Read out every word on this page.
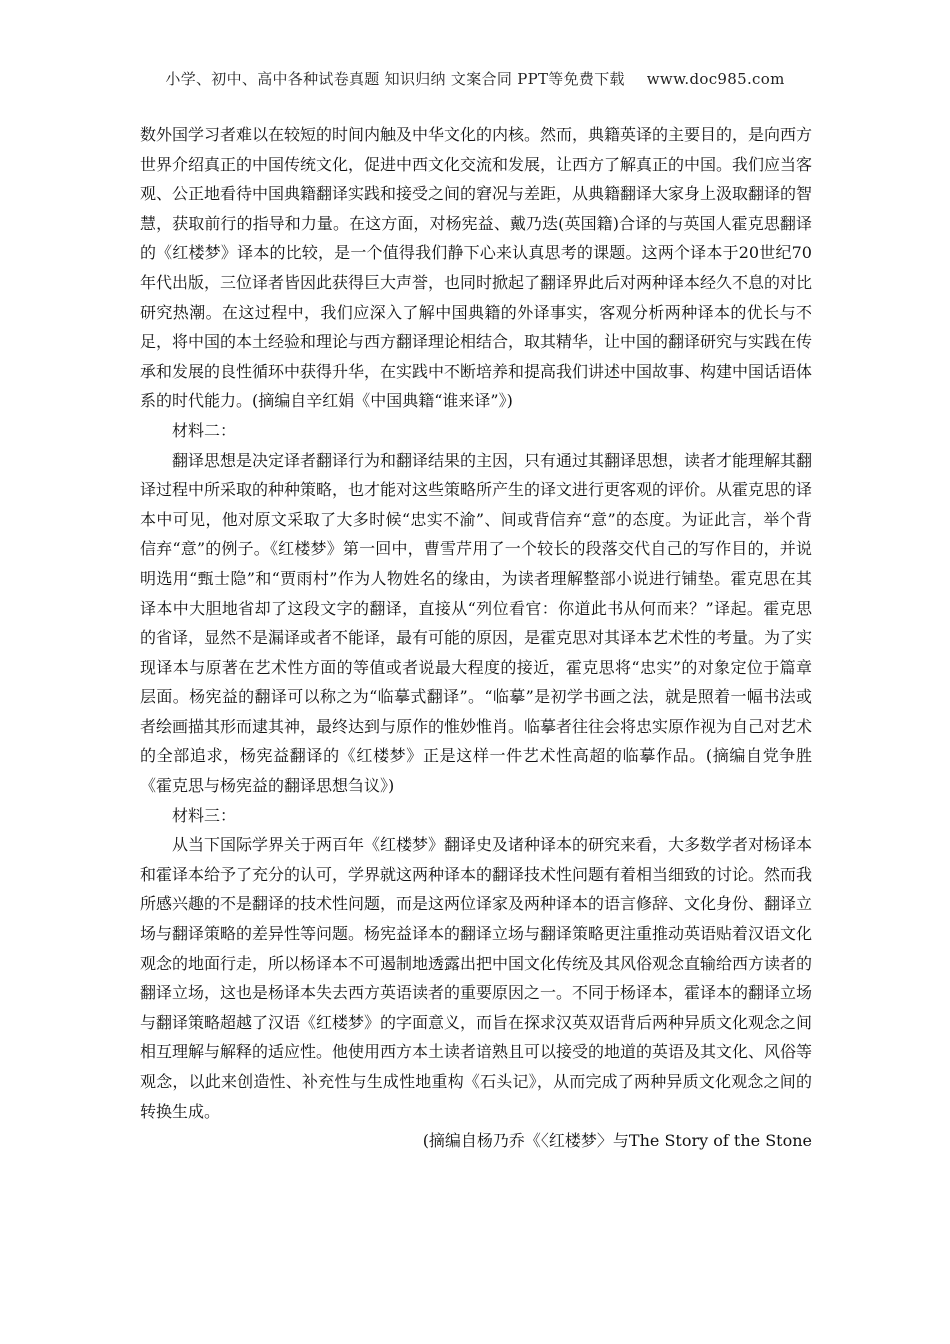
小学、初中、高中各种试卷真题 知识归纳 文案合同 PPT等免费下载 www.doc985.com

数外国学习者难以在较短的时间内触及中华文化的内核。然而，典籍英译的主要目的，是向西方世界介绍真正的中国传统文化，促进中西文化交流和发展，让西方了解真正的中国。我们应当客观、公正地看待中国典籍翻译实践和接受之间的窘况与差距，从典籍翻译大家身上汲取翻译的智慧，获取前行的指导和力量。在这方面，对杨宪益、戴乃迭(英国籍)合译的与英国人霍克思翻译的《红楼梦》译本的比较，是一个值得我们静下心来认真思考的课题。这两个译本于20世纪70年代出版，三位译者皆因此获得巨大声誉，也同时掀起了翻译界此后对两种译本经久不息的对比研究热潮。在这过程中，我们应深入了解中国典籍的外译事实，客观分析两种译本的优长与不足，将中国的本土经验和理论与西方翻译理论相结合，取其精华，让中国的翻译研究与实践在传承和发展的良性循环中获得升华，在实践中不断培养和提高我们讲述中国故事、构建中国话语体系的时代能力。(摘编自辛红娟《中国典籍“谁来译”》)

材料二：

翻译思想是决定译者翻译行为和翻译结果的主因，只有通过其翻译思想，读者才能理解其翻译过程中所采取的种种策略，也才能对这些策略所产生的译文进行更客观的评价。从霍克思的译本中可见，他对原文采取了大多时候“忠实不渝”、间或背信弃“意”的态度。为证此言，举个背信弃“意”的例子。《红楼梦》第一回中，曹雪芹用了一个较长的段落交代自己的写作目的，并说明选用“甄士隐”和“贾雨村”作为人物姓名的缘由，为读者理解整部小说进行铺垫。霍克思在其译本中大胆地省却了这段文字的翻译，直接从“列位看官：你道此书从何而来？”译起。霍克思的省译，显然不是漏译或者不能译，最有可能的原因，是霍克思对其译本艺术性的考量。为了实现译本与原著在艺术性方面的等值或者说最大程度的接近，霍克思将“忠实”的对象定位于篇章层面。杨宪益的翻译可以称之为“临摹式翻译”。“临摹”是初学书画之法，就是照着一幅书法或者绘画描其形而逮其神，最终达到与原作的惟妙惟肖。临摹者往往会将忠实原作视为自己对艺术的全部追求，杨宪益翻译的《红楼梦》正是这样一件艺术性高超的临摹作品。(摘编自党争胜《霍克思与杨宪益的翻译思想刍议》)

材料三：

从当下国际学界关于两百年《红楼梦》翻译史及诸种译本的研究来看，大多数学者对杨译本和霍译本给予了充分的认可，学界就这两种译本的翻译技术性问题有着相当细致的讨论。然而我所感兴趣的不是翻译的技术性问题，而是这两位译家及两种译本的语言修辞、文化身份、翻译立场与翻译策略的差异性等问题。杨宪益译本的翻译立场与翻译策略更注重推动英语贴着汉语文化观念的地面行走，所以杨译本不可遏制地透露出把中国文化传统及其风俗观念直输给西方读者的翻译立场，这也是杨译本失去西方英语读者的重要原因之一。不同于杨译本，霍译本的翻译立场与翻译策略超越了汉语《红楼梦》的字面意义，而旨在探求汉英双语背后两种异质文化观念之间相互理解与解释的适应性。他使用西方本土读者谙熟且可以接受的地道的英语及其文化、风俗等观念，以此来创造性、补充性与生成性地重构《石头记》，从而完成了两种异质文化观念之间的转换生成。

(摘编自杨乃乔《〈红楼梦〉与The Story of the Stone
